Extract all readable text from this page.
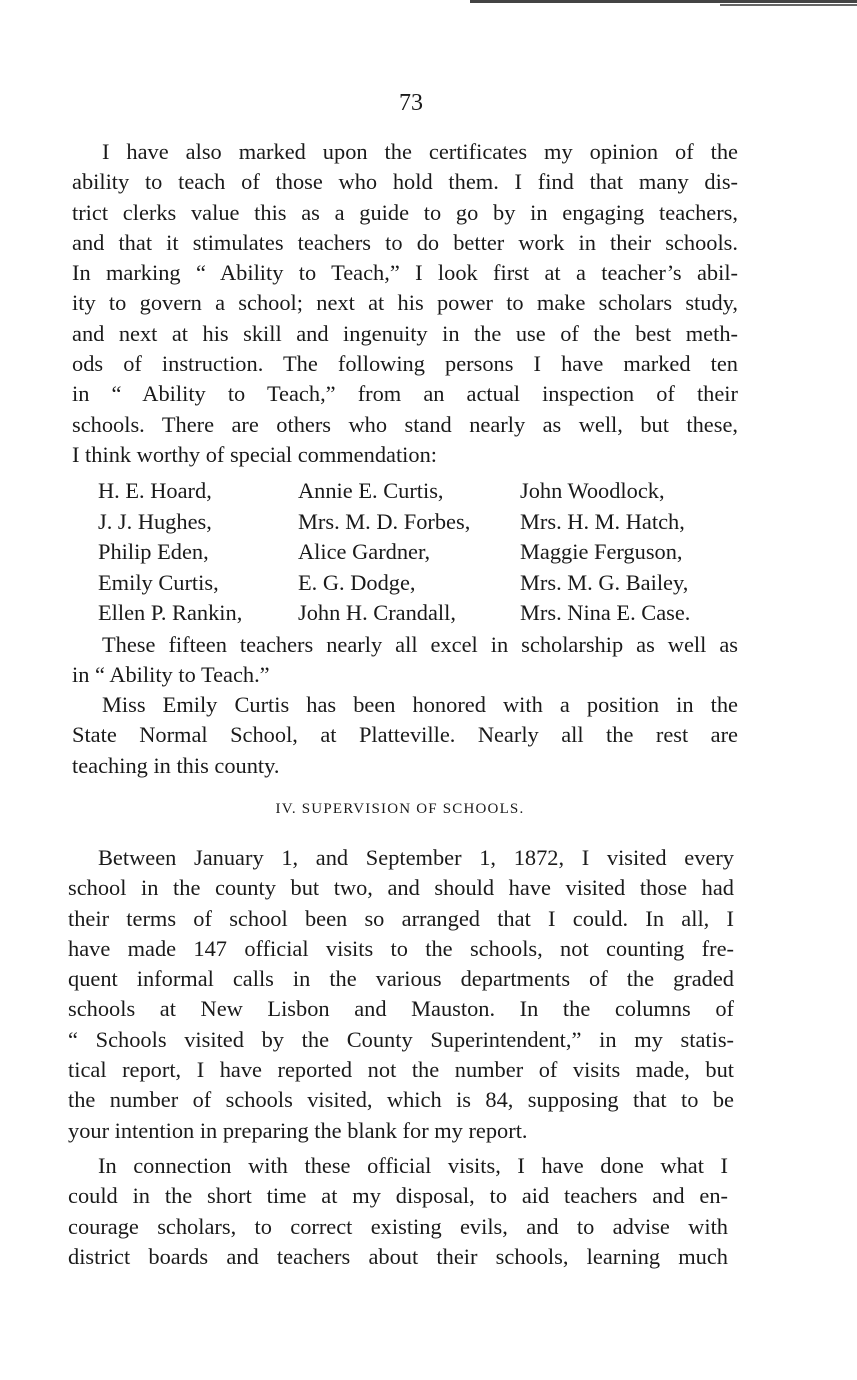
73
I have also marked upon the certificates my opinion of the
ability to teach of those who hold them. I find that many dis-
trict clerks value this as a guide to go by in engaging teachers,
and that it stimulates teachers to do better work in their schools.
In marking “ Ability to Teach,” I look first at a teacher’s abil-
ity to govern a school; next at his power to make scholars study,
and next at his skill and ingenuity in the use of the best meth-
ods of instruction. The following persons I have marked ten
in “ Ability to Teach,” from an actual inspection of their
schools. There are others who stand nearly as well, but these,
I think worthy of special commendation:
H. E. Hoard,	Annie E. Curtis,	John Woodlock,
J. J. Hughes,	Mrs. M. D. Forbes,	Mrs. H. M. Hatch,
Philip Eden,	Alice Gardner,	Maggie Ferguson,
Emily Curtis,	E. G. Dodge,	Mrs. M. G. Bailey,
Ellen P. Rankin,	John H. Crandall,	Mrs. Nina E. Case.
These fifteen teachers nearly all excel in scholarship as well as
in “ Ability to Teach.”
Miss Emily Curtis has been honored with a position in the
State Normal School, at Platteville. Nearly all the rest are
teaching in this county.
IV. SUPERVISION OF SCHOOLS.
Between January 1, and September 1, 1872, I visited every
school in the county but two, and should have visited those had
their terms of school been so arranged that I could. In all, I
have made 147 official visits to the schools, not counting fre-
quent informal calls in the various departments of the graded
schools at New Lisbon and Mauston. In the columns of
“ Schools visited by the County Superintendent,” in my statis-
tical report, I have reported not the number of visits made, but
the number of schools visited, which is 84, supposing that to be
your intention in preparing the blank for my report.
In connection with these official visits, I have done what I
could in the short time at my disposal, to aid teachers and en-
courage scholars, to correct existing evils, and to advise with
district boards and teachers about their schools, learning much
